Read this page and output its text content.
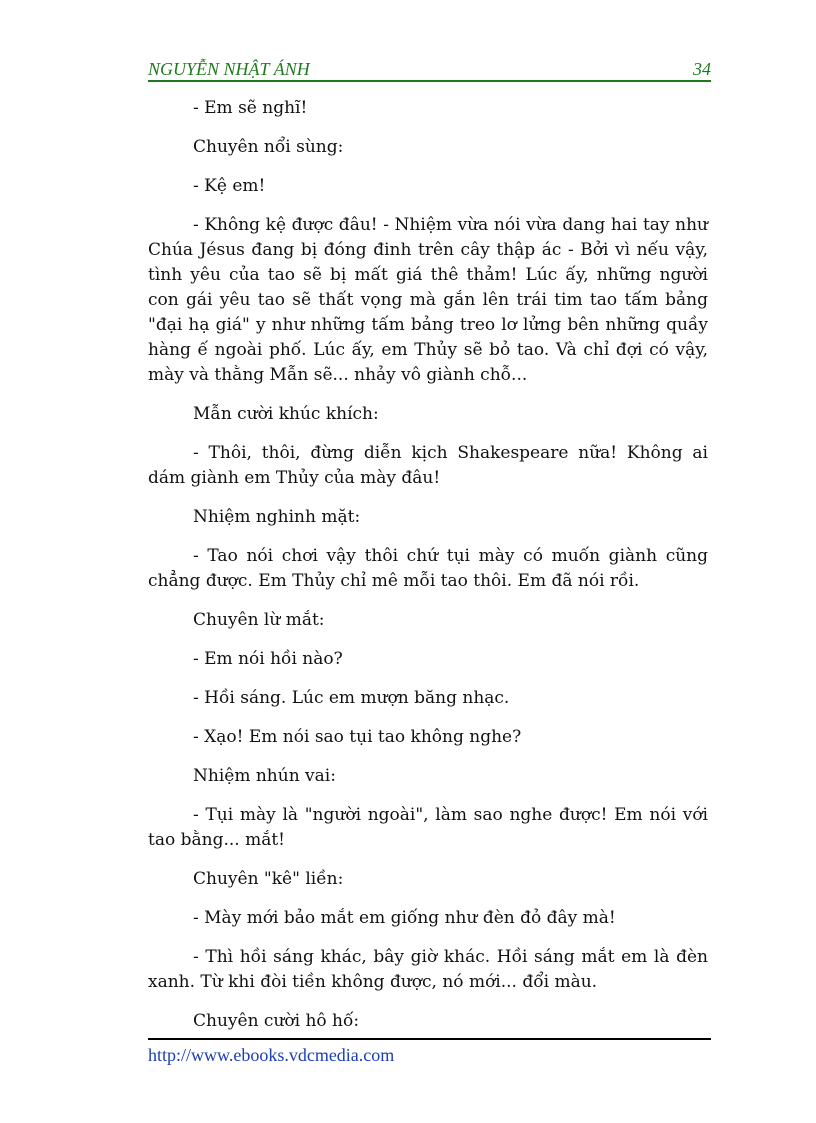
NGUYỄN NHẬT ÁNH	34

- Em sẽ nghĩ!

Chuyên nổi sùng:

- Kệ em!

- Không kệ được đâu! - Nhiệm vừa nói vừa dang hai tay như Chúa Jésus đang bị đóng đinh trên cây thập ác - Bởi vì nếu vậy, tình yêu của tao sẽ bị mất giá thê thảm! Lúc ấy, những người con gái yêu tao sẽ thất vọng mà gắn lên trái tim tao tấm bảng "đại hạ giá" y như những tấm bảng treo lơ lửng bên những quầy hàng ế ngoài phố. Lúc ấy, em Thủy sẽ bỏ tao. Và chỉ đợi có vậy, mày và thằng Mẫn sẽ... nhảy vô giành chỗ...

Mẫn cười khúc khích:

- Thôi, thôi, đừng diễn kịch Shakespeare nữa! Không ai dám giành em Thủy của mày đâu!

Nhiệm nghinh mặt:

- Tao nói chơi vậy thôi chứ tụi mày có muốn giành cũng chẳng được. Em Thủy chỉ mê mỗi tao thôi. Em đã nói rồi.

Chuyên lừ mắt:

- Em nói hồi nào?

- Hồi sáng. Lúc em mượn băng nhạc.

- Xạo! Em nói sao tụi tao không nghe?

Nhiệm nhún vai:

- Tụi mày là "người ngoài", làm sao nghe được! Em nói với tao bằng... mắt!

Chuyên "kê" liền:

- Mày mới bảo mắt em giống như đèn đỏ đây mà!

- Thì hồi sáng khác, bây giờ khác. Hồi sáng mắt em là đèn xanh. Từ khi đòi tiền không được, nó mới... đổi màu.

Chuyên cười hô hố:

http://www.ebooks.vdcmedia.com
